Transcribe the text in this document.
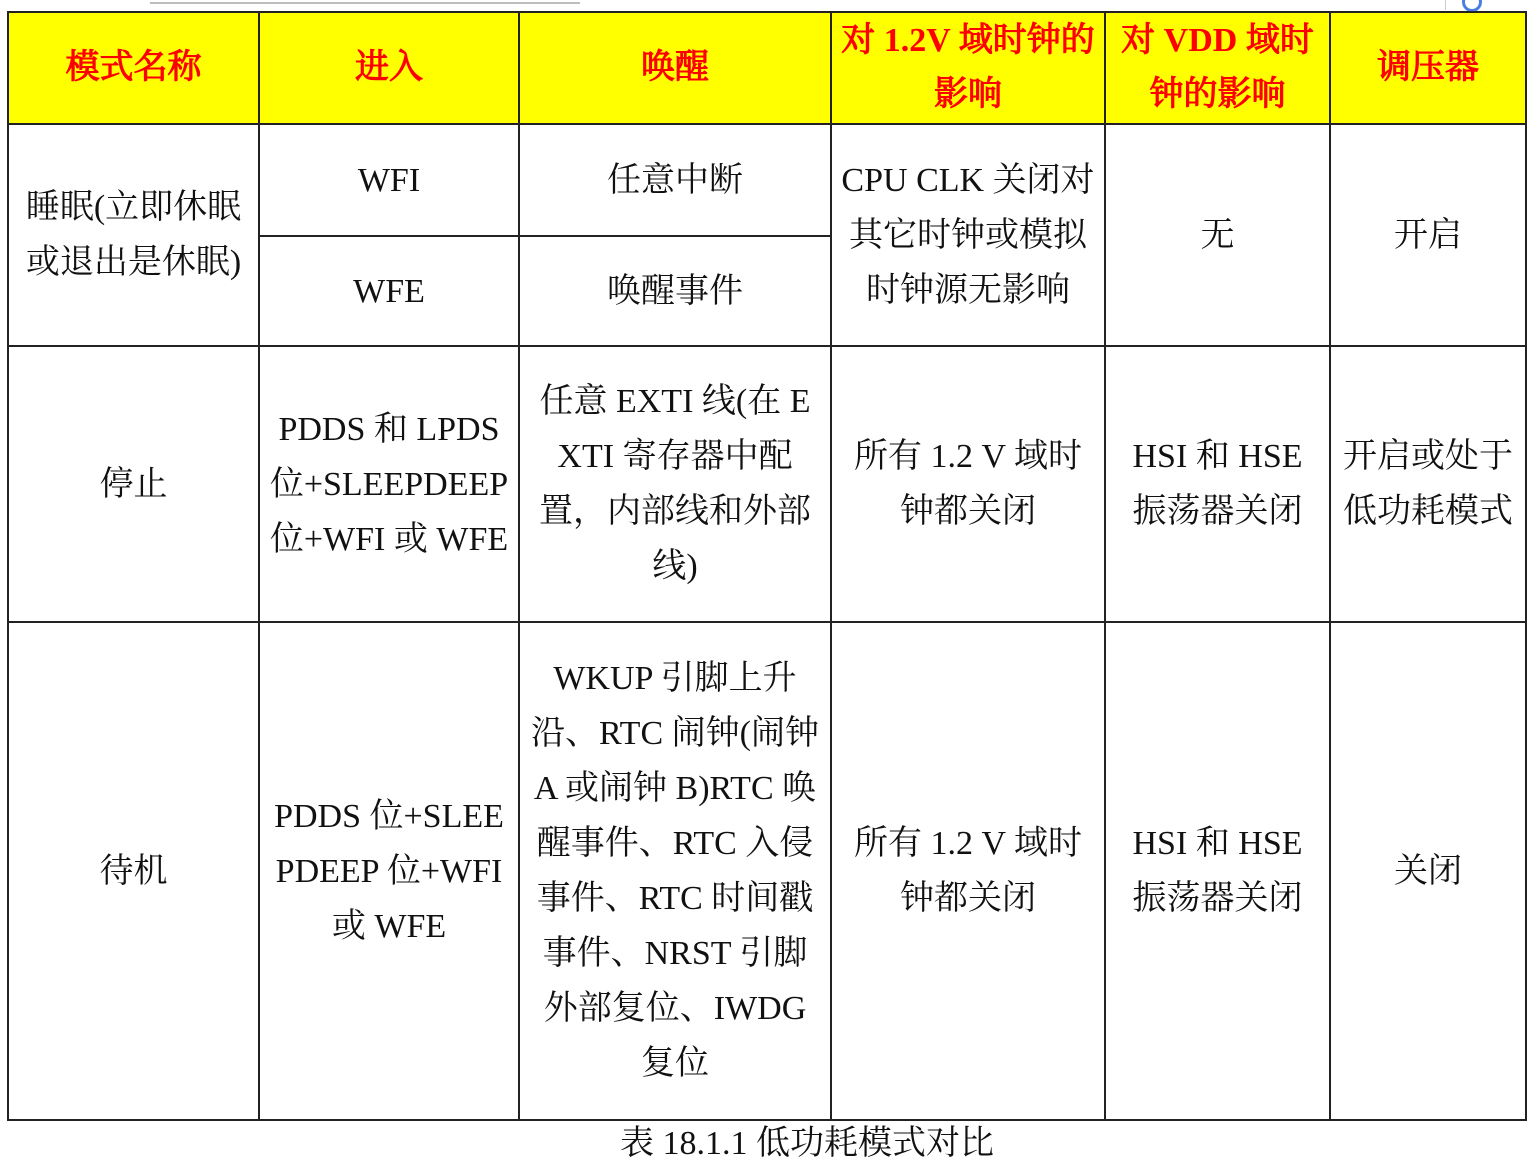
模式名称	进入	唤醒	对 1.2V 域时钟的影响	对 VDD 域时钟的影响	调压器
睡眠(立即休眠或退出是休眠)	WFI	任意中断	CPU CLK 关闭对其它时钟或模拟时钟源无影响	无	开启
	WFE	唤醒事件			
停止	PDDS 和 LPDS 位+SLEEPDEEP 位+WFI 或 WFE	任意 EXTI 线(在 EXTI 寄存器中配置，内部线和外部线)	所有 1.2 V 域时钟都关闭	HSI 和 HSE 振荡器关闭	开启或处于低功耗模式
待机	PDDS 位+SLEEPDEEP 位+WFI 或 WFE	WKUP 引脚上升沿、RTC 闹钟(闹钟 A 或闹钟 B)RTC 唤醒事件、RTC 入侵事件、RTC 时间戳事件、NRST 引脚外部复位、IWDG 复位	所有 1.2 V 域时钟都关闭	HSI 和 HSE 振荡器关闭	关闭
表 18.1.1 低功耗模式对比
